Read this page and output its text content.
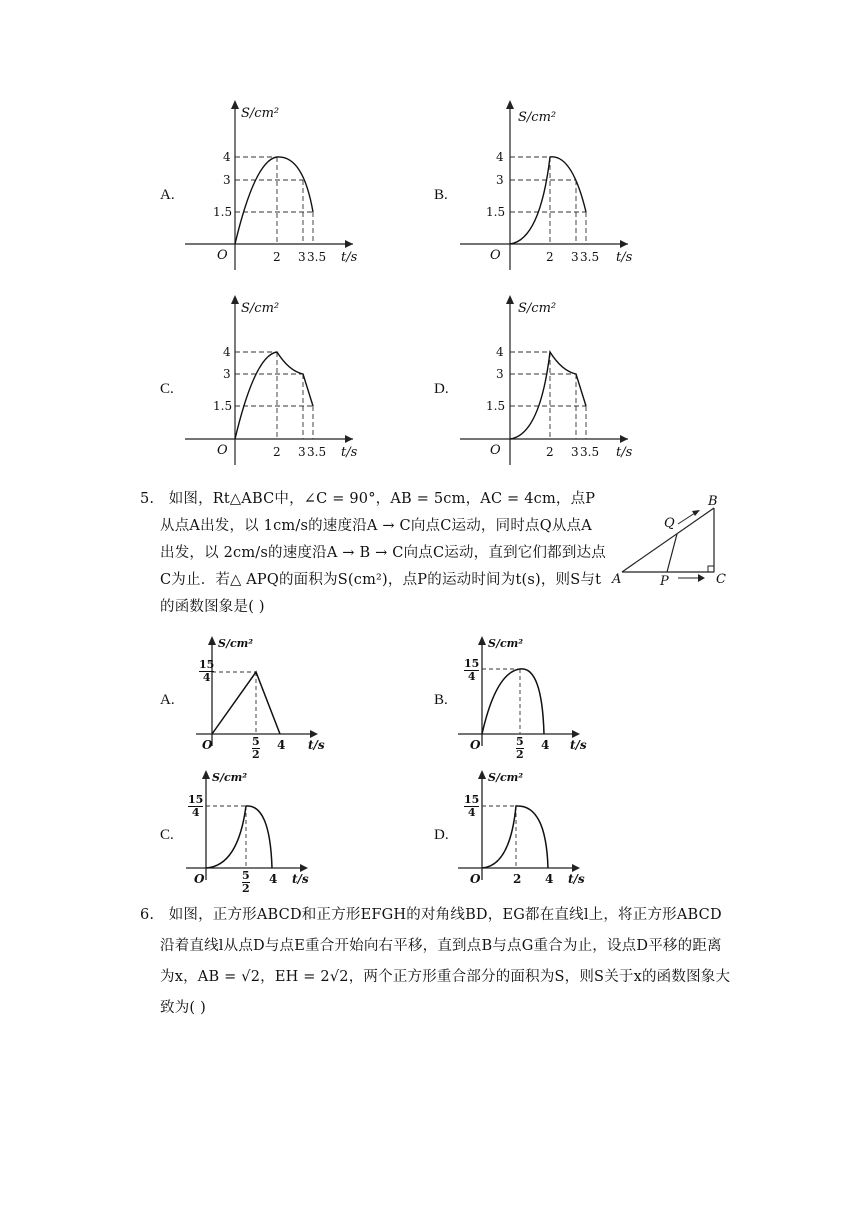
A.
S/cm²
t/s
O
4
3
1.5
2 3 3.5
B.
S/cm²
t/s
O
4
3
1.5
2 3 3.5
C.
S/cm²
t/s
O
4
3
1.5
2 3 3.5
D.
S/cm²
t/s
O
4
3
1.5
2 3 3.5
5. 如图，Rt△ABC中，∠C = 90°，AB = 5cm，AC = 4cm，点P
从点A出发，以 1cm/s的速度沿A → C向点C运动，同时点Q从点A
出发，以 2cm/s的速度沿A → B → C向点C运动，直到它们都到达点
C为止．若△ APQ的面积为S(cm²)，点P的运动时间为t(s)，则S与t
的函数图象是( )
A
B
C
P
Q
A.
S/cm²
t/s
O
$\frac{15}{4}$
$\frac{5}{2} 4$
B.
S/cm²
t/s
O
$\frac{15}{4}$
$\frac{5}{2} 4$
C.
S/cm²
t/s
O
$\frac{15}{4}$
$\frac{5}{2} 4$
D.
S/cm²
t/s
O
$\frac{15}{4}$
2 4
6. 如图，正方形ABCD和正方形EFGH的对角线BD，EG都在直线l上，将正方形ABCD
沿着直线l从点D与点E重合开始向右平移，直到点B与点G重合为止，设点D平移的距离
为x，AB = √2，EH = 2√2，两个正方形重合部分的面积为S，则S关于x的函数图象大
致为( )
